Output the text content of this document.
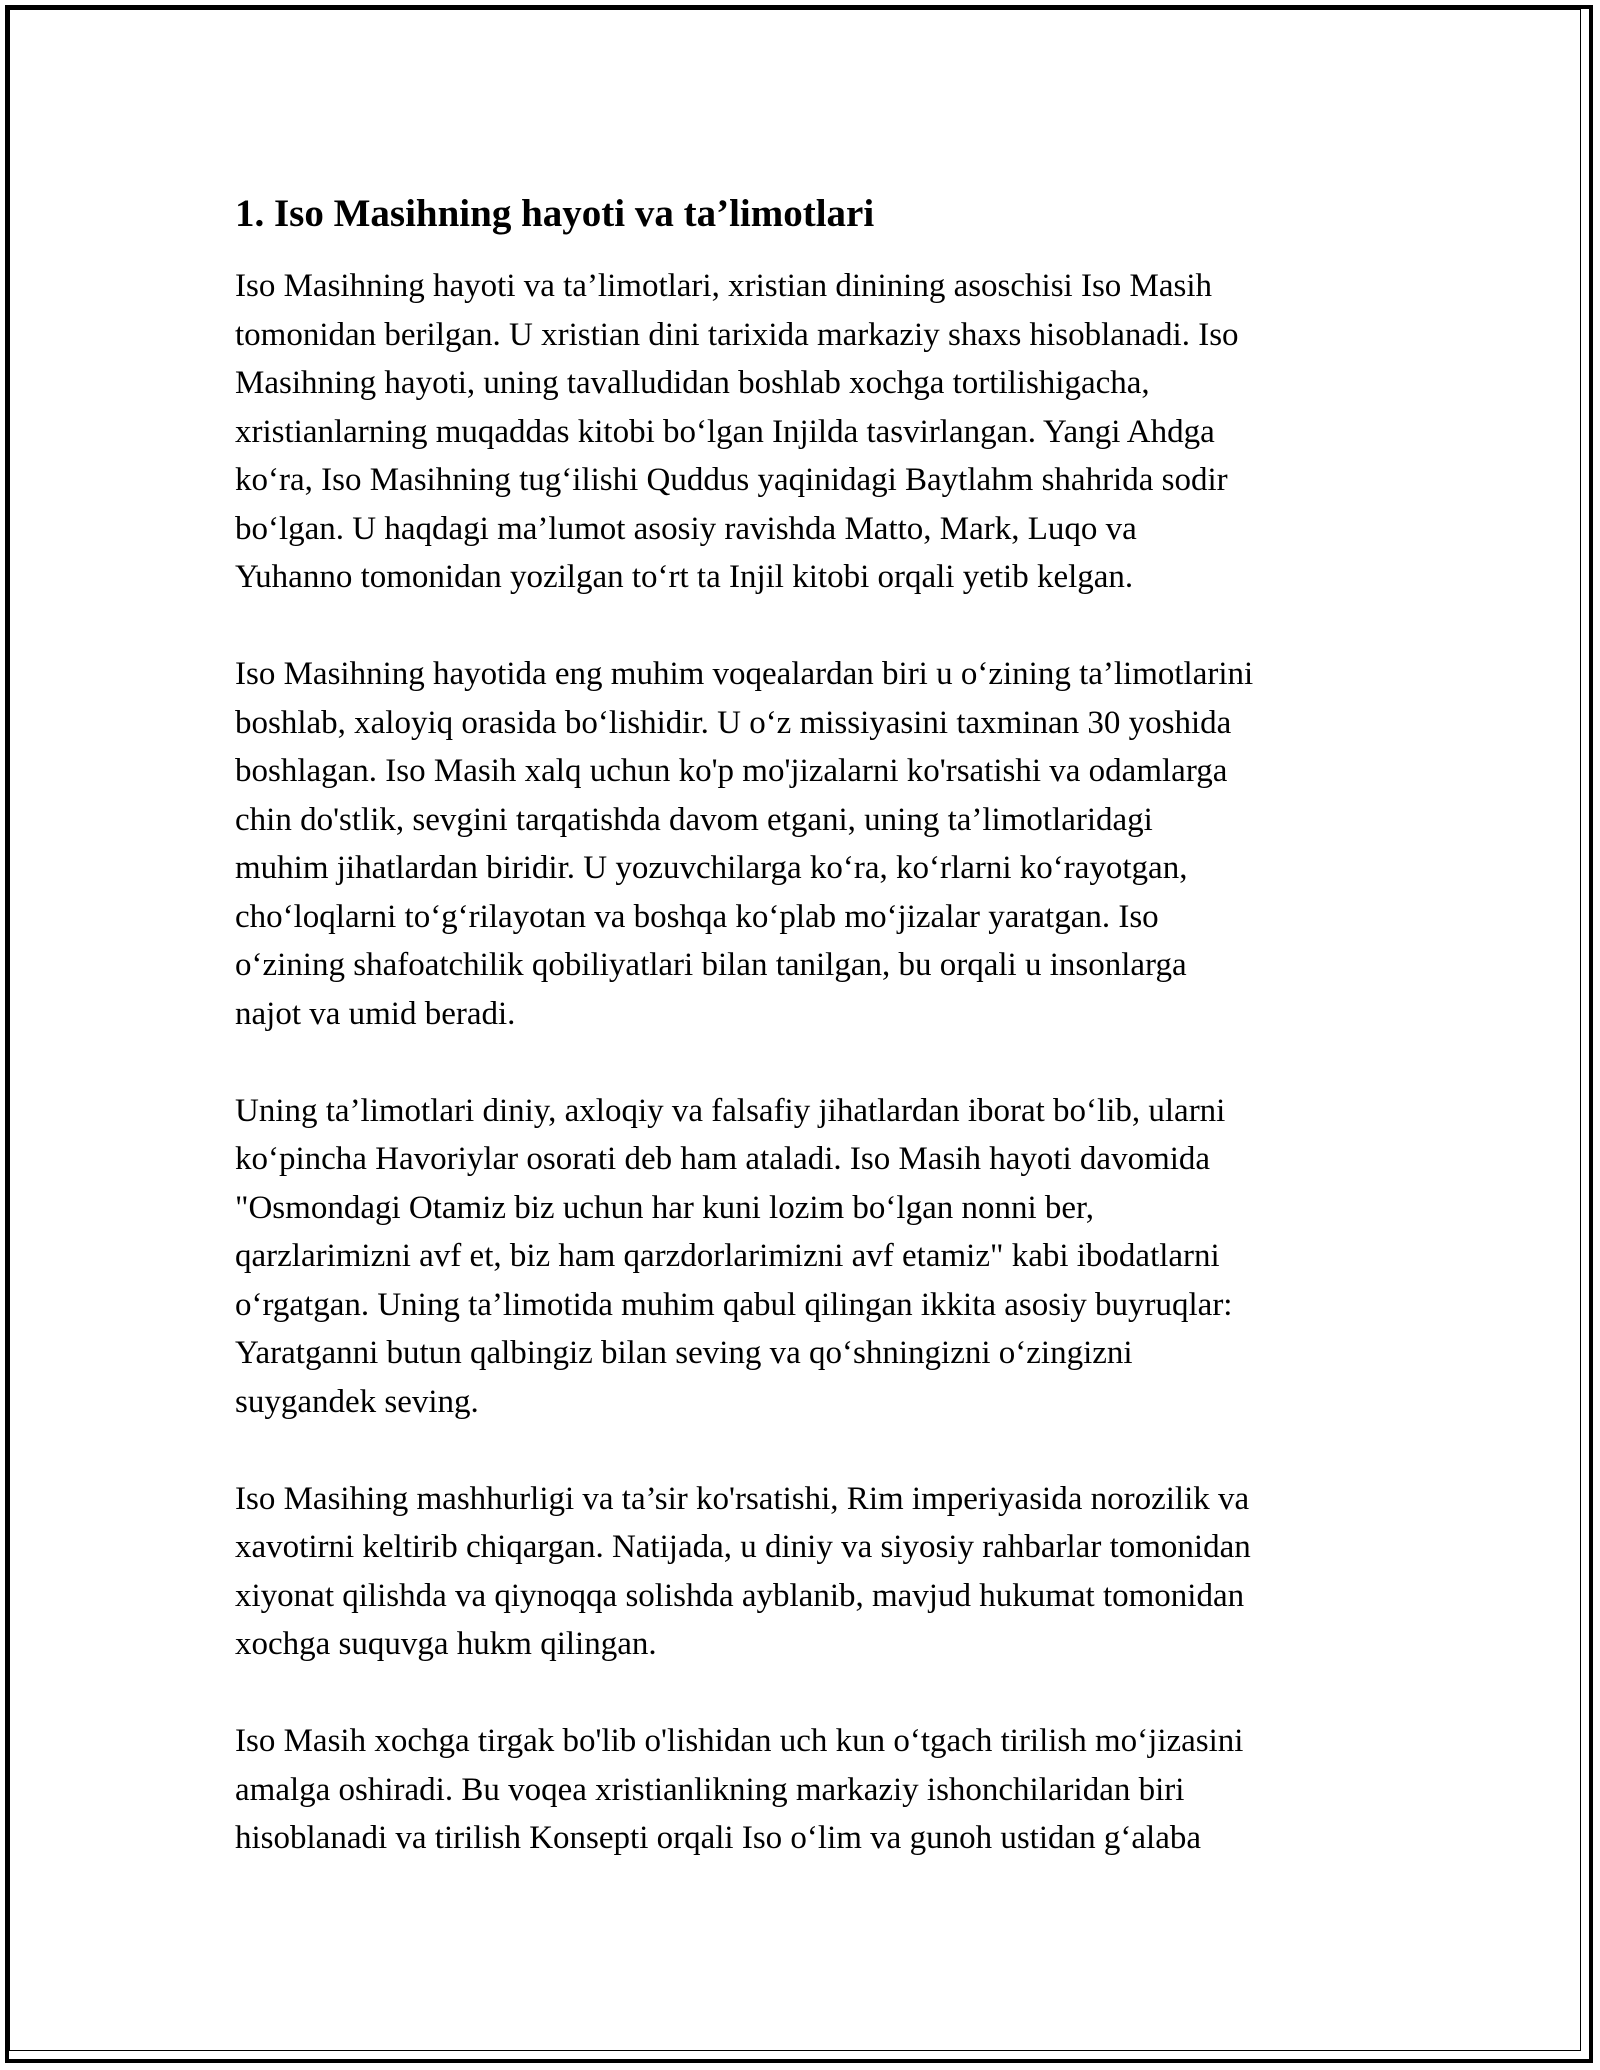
1. Iso Masihning hayoti va ta’limotlari
Iso Masihning hayoti va ta’limotlari, xristian dinining asoschisi Iso Masih
tomonidan berilgan. U xristian dini tarixida markaziy shaxs hisoblanadi. Iso
Masihning hayoti, uning tavalludidan boshlab xochga tortilishigacha,
xristianlarning muqaddas kitobi boʻlgan Injilda tasvirlangan. Yangi Ahdga
koʻra, Iso Masihning tugʻilishi Quddus yaqinidagi Baytlahm shahrida sodir
boʻlgan. U haqdagi ma’lumot asosiy ravishda Matto, Mark, Luqo va
Yuhanno tomonidan yozilgan toʻrt ta Injil kitobi orqali yetib kelgan.
Iso Masihning hayotida eng muhim voqealardan biri u oʻzining ta’limotlarini
boshlab, xaloyiq orasida boʻlishidir. U oʻz missiyasini taxminan 30 yoshida
boshlagan. Iso Masih xalq uchun ko'p mo'jizalarni ko'rsatishi va odamlarga
chin do'stlik, sevgini tarqatishda davom etgani, uning ta’limotlaridagi
muhim jihatlardan biridir. U yozuvchilarga koʻra, koʻrlarni koʻrayotgan,
choʻloqlarni toʻgʻrilayotan va boshqa koʻplab moʻjizalar yaratgan. Iso
oʻzining shafoatchilik qobiliyatlari bilan tanilgan, bu orqali u insonlarga
najot va umid beradi.
Uning ta’limotlari diniy, axloqiy va falsafiy jihatlardan iborat boʻlib, ularni
koʻpincha Havoriylar osorati deb ham ataladi. Iso Masih hayoti davomida
"Osmondagi Otamiz biz uchun har kuni lozim boʻlgan nonni ber,
qarzlarimizni avf et, biz ham qarzdorlarimizni avf etamiz" kabi ibodatlarni
oʻrgatgan. Uning ta’limotida muhim qabul qilingan ikkita asosiy buyruqlar:
Yaratganni butun qalbingiz bilan seving va qoʻshningizni oʻzingizni
suygandek seving.
Iso Masihing mashhurligi va ta’sir ko'rsatishi, Rim imperiyasida norozilik va
xavotirni keltirib chiqargan. Natijada, u diniy va siyosiy rahbarlar tomonidan
xiyonat qilishda va qiynoqqa solishda ayblanib, mavjud hukumat tomonidan
xochga suquvga hukm qilingan.
Iso Masih xochga tirgak bo'lib o'lishidan uch kun oʻtgach tirilish moʻjizasini
amalga oshiradi. Bu voqea xristianlikning markaziy ishonchilaridan biri
hisoblanadi va tirilish Konsepti orqali Iso oʻlim va gunoh ustidan gʻalaba
